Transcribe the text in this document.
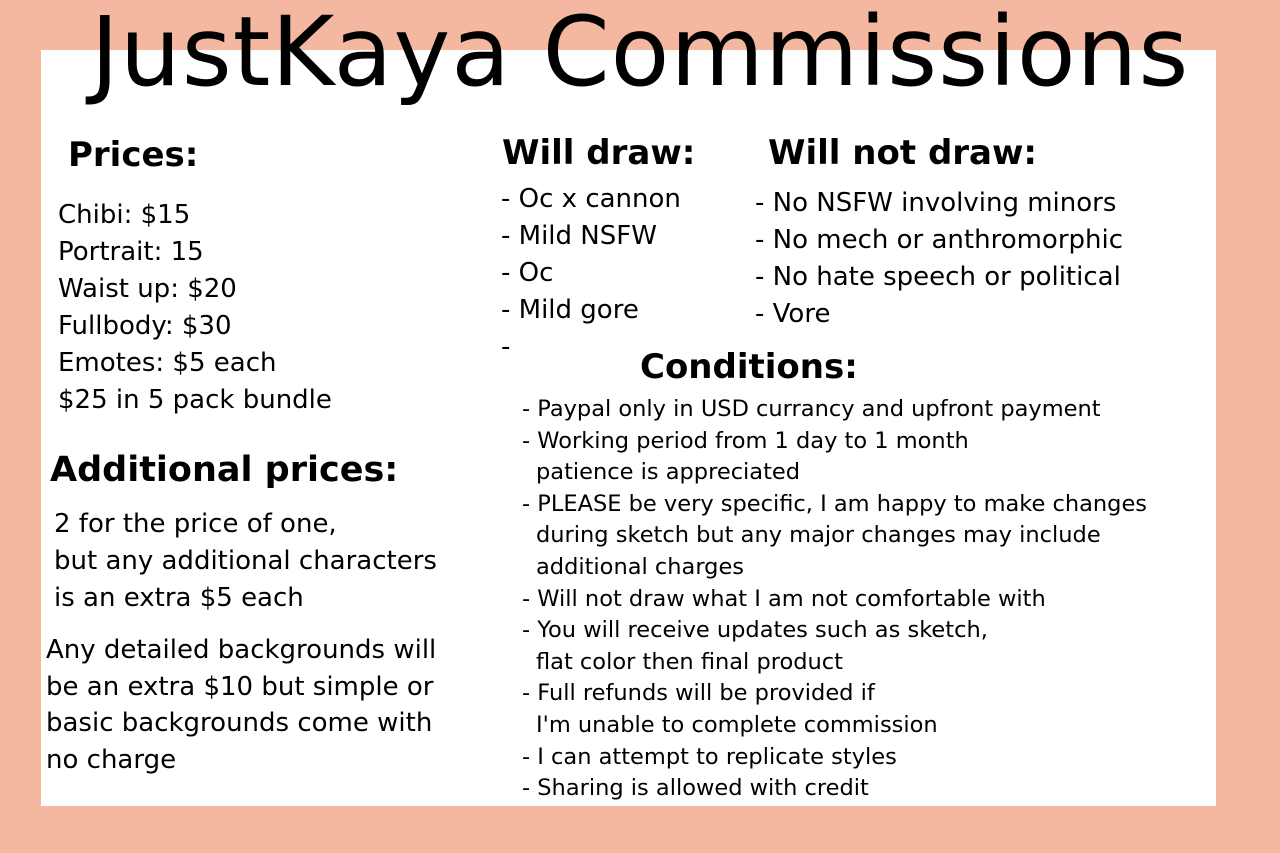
JustKaya Commissions
Prices:
Chibi: $15
Portrait: 15
Waist up: $20
Fullbody: $30
Emotes: $5 each
$25 in 5 pack bundle
Additional prices:
2 for the price of one,
but any additional characters
is an extra $5 each
Any detailed backgrounds will
be an extra $10 but simple or
basic backgrounds come with
no charge
Will draw:
- Oc x cannon
- Mild NSFW
- Oc
- Mild gore
-
Will not draw:
- No NSFW involving minors
- No mech or anthromorphic
- No hate speech or political
- Vore
Conditions:
- Paypal only in USD currancy and upfront payment
- Working period from 1 day to 1 month
patience is appreciated
- PLEASE be very specific, I am happy to make changes
during sketch but any major changes may include
additional charges
- Will not draw what I am not comfortable with
- You will receive updates such as sketch,
flat color then final product
- Full refunds will be provided if
I'm unable to complete commission
- I can attempt to replicate styles
- Sharing is allowed with credit
